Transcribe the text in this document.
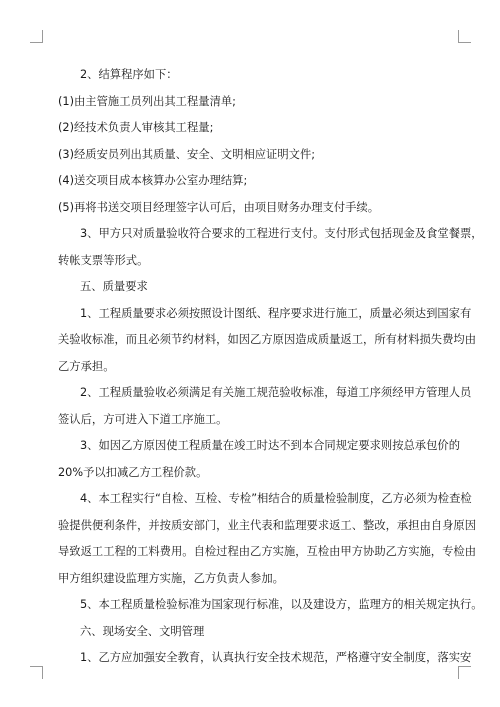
2、结算程序如下：
(1)由主管施工员列出其工程量清单;
(2)经技术负责人审核其工程量;
(3)经质安员列出其质量、安全、文明相应证明文件;
(4)送交项目成本核算办公室办理结算;
(5)再将书送交项目经理签字认可后，由项目财务办理支付手续。
3、甲方只对质量验收符合要求的工程进行支付。支付形式包括现金及食堂餐票，
转帐支票等形式。
五、质量要求
1、工程质量要求必须按照设计图纸、程序要求进行施工，质量必须达到国家有
关验收标准，而且必须节约材料，如因乙方原因造成质量返工，所有材料损失费均由
乙方承担。
2、工程质量验收必须满足有关施工规范验收标准，每道工序须经甲方管理人员
签认后，方可进入下道工序施工。
3、如因乙方原因使工程质量在竣工时达不到本合同规定要求则按总承包价的
20%予以扣减乙方工程价款。
4、本工程实行“自检、互检、专检”相结合的质量检验制度，乙方必须为检查检
验提供便利条件，并按质安部门，业主代表和监理要求返工、整改，承担由自身原因
导致返工工程的工料费用。自检过程由乙方实施，互检由甲方协助乙方实施，专检由
甲方组织建设监理方实施，乙方负责人参加。
5、本工程质量检验标准为国家现行标准，以及建设方，监理方的相关规定执行。
六、现场安全、文明管理
1、乙方应加强安全教育，认真执行安全技术规范，严格遵守安全制度，落实安
